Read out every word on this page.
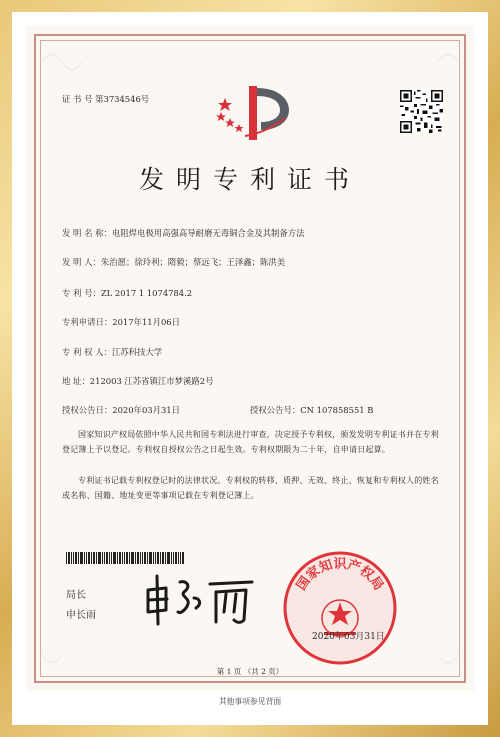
证 书 号 第3734546号
发明专利证书
发 明 名 称：电阻焊电极用高强高导耐磨无毒铜合金及其制备方法
发 明 人：朱治愿；徐玲利；隋毅；蔡远飞；王泽鑫；陈洪美
专 利 号：ZL 2017 1 1074784.2
专利申请日：2017年11月06日
专 利 权 人：江苏科技大学
地 址：212003 江苏省镇江市梦溪路2号
授权公告日：2020年03月31日	授权公告号：CN 107858551 B
国家知识产权局依照中华人民共和国专利法进行审查，决定授予专利权，颁发发明专利证书并在专利登记簿上予以登记。专利权自授权公告之日起生效。专利权期限为二十年，自申请日起算。
专利证书记载专利权登记时的法律状况。专利权的转移、质押、无效、终止、恢复和专利权人的姓名或名称、国籍、地址变更等事项记载在专利登记簿上。
局长
申长雨
国家知识产权局
2020年03月31日
第 1 页 （共 2 页）
其他事项参见背面
